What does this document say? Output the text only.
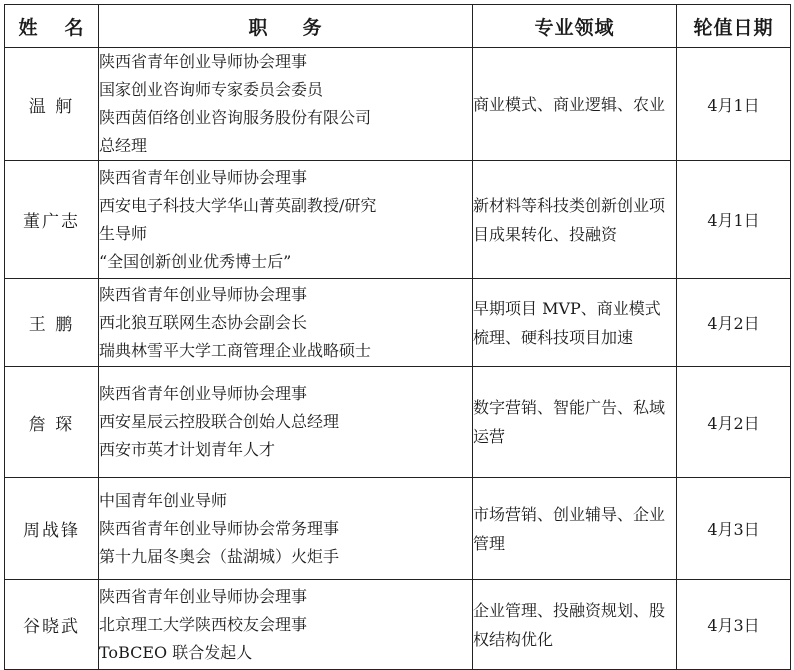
姓 名	职 务	专业领域	轮值日期
温 舸	陕西省青年创业导师协会理事
国家创业咨询师专家委员会委员
陕西茵佰络创业咨询服务股份有限公司
总经理	商业模式、商业逻辑、农业	4月1日
董广志	陕西省青年创业导师协会理事
西安电子科技大学华山菁英副教授/研究
生导师
“全国创新创业优秀博士后”	新材料等科技类创新创业项目成果转化、投融资	4月1日
王 鹏	陕西省青年创业导师协会理事
西北狼互联网生态协会副会长
瑞典林雪平大学工商管理企业战略硕士	早期项目 MVP、商业模式梳理、硬科技项目加速	4月2日
詹 琛	陕西省青年创业导师协会理事
西安星辰云控股联合创始人总经理
西安市英才计划青年人才	数字营销、智能广告、私域运营	4月2日
周战锋	中国青年创业导师
陕西省青年创业导师协会常务理事
第十九届冬奥会（盐湖城）火炬手	市场营销、创业辅导、企业管理	4月3日
谷晓武	陕西省青年创业导师协会理事
北京理工大学陕西校友会理事
ToBCEO 联合发起人	企业管理、投融资规划、股权结构优化	4月3日
